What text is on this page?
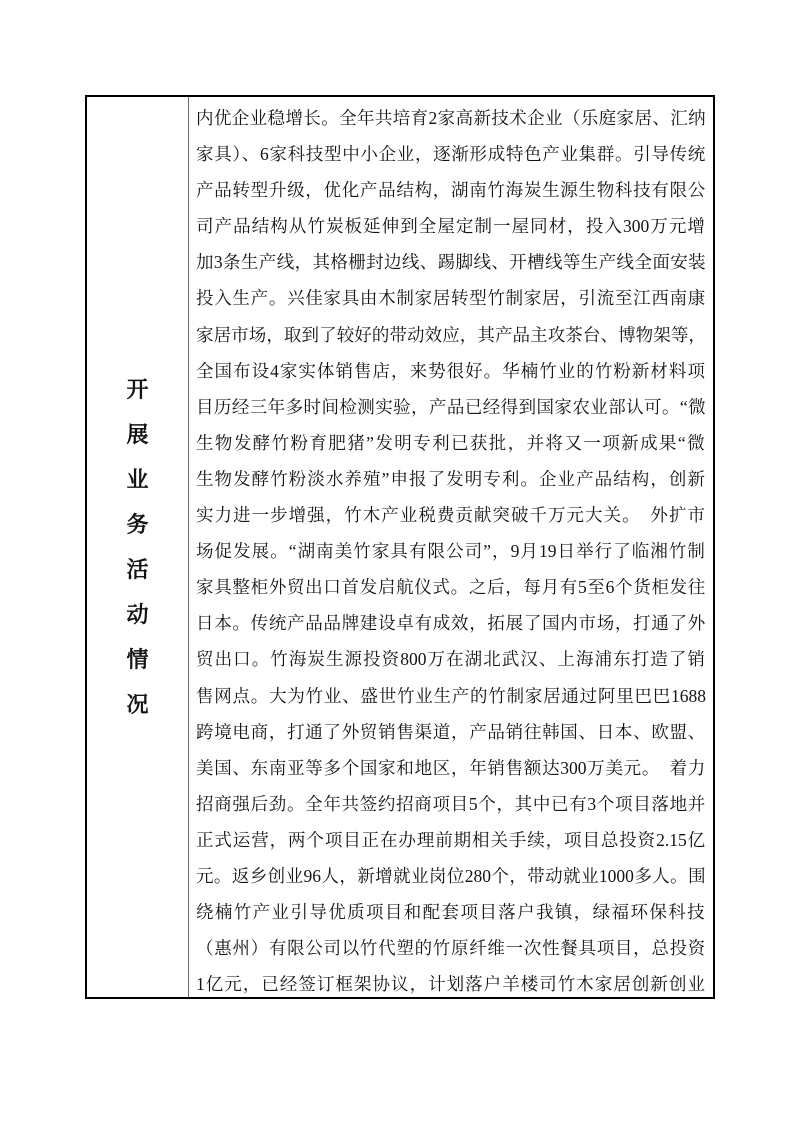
开
展
业
务
活
动
情
况
内优企业稳增长。全年共培育2家高新技术企业（乐庭家居、汇纳
家具）、6家科技型中小企业，逐渐形成特色产业集群。引导传统
产品转型升级，优化产品结构，湖南竹海炭生源生物科技有限公
司产品结构从竹炭板延伸到全屋定制一屋同材，投入300万元增
加3条生产线，其格栅封边线、踢脚线、开槽线等生产线全面安装
投入生产。兴佳家具由木制家居转型竹制家居，引流至江西南康
家居市场，取到了较好的带动效应，其产品主攻茶台、博物架等，
全国布设4家实体销售店，来势很好。华楠竹业的竹粉新材料项
目历经三年多时间检测实验，产品已经得到国家农业部认可。“微
生物发酵竹粉育肥猪”发明专利已获批，并将又一项新成果“微
生物发酵竹粉淡水养殖”申报了发明专利。企业产品结构，创新
实力进一步增强，竹木产业税费贡献突破千万元大关。　外扩市
场促发展。“湖南美竹家具有限公司”，9月19日举行了临湘竹制
家具整柜外贸出口首发启航仪式。之后，每月有5至6个货柜发往
日本。传统产品品牌建设卓有成效，拓展了国内市场，打通了外
贸出口。竹海炭生源投资800万在湖北武汉、上海浦东打造了销
售网点。大为竹业、盛世竹业生产的竹制家居通过阿里巴巴1688
跨境电商，打通了外贸销售渠道，产品销往韩国、日本、欧盟、
美国、东南亚等多个国家和地区，年销售额达300万美元。　着力
招商强后劲。全年共签约招商项目5个，其中已有3个项目落地并
正式运营，两个项目正在办理前期相关手续，项目总投资2.15亿
元。返乡创业96人，新增就业岗位280个，带动就业1000多人。围
绕楠竹产业引导优质项目和配套项目落户我镇，绿福环保科技
（惠州）有限公司以竹代塑的竹原纤维一次性餐具项目，总投资
1亿元，已经签订框架协议，计划落户羊楼司竹木家居创新创业
